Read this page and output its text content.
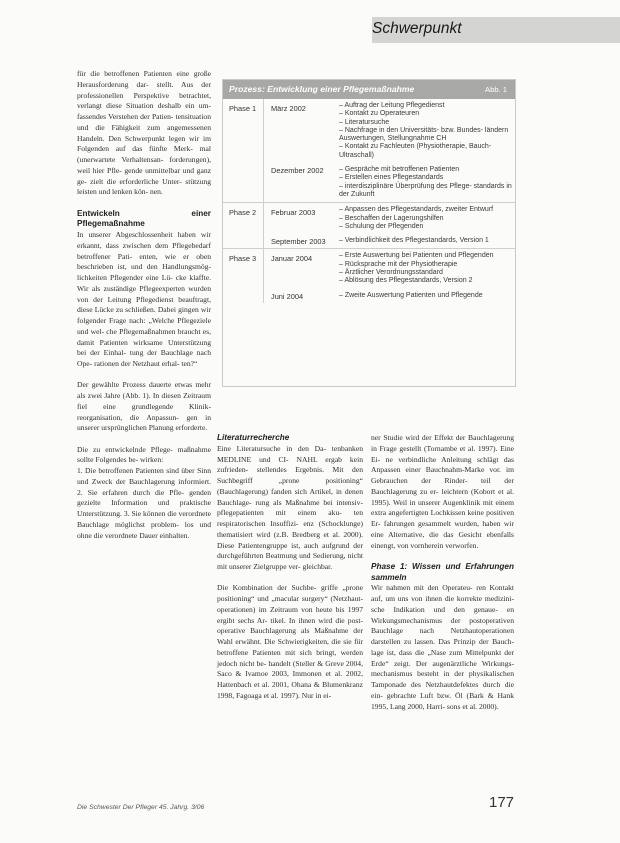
Schwerpunkt

für die betroffenen Patienten eine große Herausforderung dar- stellt. Aus der professionellen Perspektive betrachtet, verlangt diese Situation deshalb ein um- fassendes Verstehen der Patien- tensituation und die Fähigkeit zum angemessenen Handeln. Den Schwerpunkt legen wir im Folgenden auf das fünfte Merk- mal (unerwartete Verhaltensan- forderungen), weil hier Pfle- gende unmittelbar und ganz ge- zielt die erforderliche Unter- stützung leisten und lenken kön- nen.

Entwickeln einer Pflegemaßnahme

In unserer Abgeschlossenheit haben wir erkannt, dass zwischen dem Pflegebedarf betroffener Pati- enten, wie er oben beschrieben ist, und den Handlungsmög- lichkeiten Pflegender eine Lü- cke klaffte. Wir als zuständige Pflegeexperten wurden von der Leitung Pflegedienst beauftragt, diese Lücke zu schließen. Dabei gingen wir folgender Frage nach: „Welche Pflegeziele und wel- che Pflegemaßnahmen braucht es, damit Patienten wirksame Unterstützung bei der Einhal- tung der Bauchlage nach Ope- rationen der Netzhaut erhal- ten?“

Der gewählte Prozess dauerte etwas mehr als zwei Jahre (Abb. 1). In diesen Zeitraum fiel eine grundlegende Klinik- reorganisation, die Anpassun- gen in unserer ursprünglichen Planung erforderte.

Die zu entwickelnde Pflege- maßnahme sollte Folgendes be- wirken:

1. Die betroffenen Patienten sind über Sinn und Zweck der Bauchlagerung informiert. 2. Sie erfahren durch die Pfle- genden gezielte Information und praktische Unterstützung. 3. Sie können die verordnete Bauchlage möglichst problem- los und ohne die verordnete Dauer einhalten.

Prozess: Entwicklung einer Pflegemaßnahme	Abb. 1
Phase 1 März 2002	– Auftrag der Leitung Pflegedienst
– Kontakt zu Operateuren
– Literatursuche
– Nachfrage in den Universitäts- bzw. Bundes- ländern Auswertungen, Stellungnahme CH
– Kontakt zu Fachleuten (Physiotherapie, Bauch- Ultraschall)
Dezember 2002 – Gespräche mit betroffenen Patienten
– Erstellen eines Pflegestandards
– interdisziplinäre Überprüfung des Pflege- standards in der Zukunft
Phase 2 Februar 2003	– Anpassen des Pflegestandards, zweiter Entwurf
– Beschaffen der Lagerungshilfen
– Schulung der Pflegenden
September 2003 – Verbindlichkeit des Pflegestandards, Version 1
Phase 3 Januar 2004	– Erste Auswertung bei Patienten und Pflegenden
– Rücksprache mit der Physiotherapie
– Ärztlicher Verordnungsstandard
– Ablösung des Pflegestandards, Version 2
Juni 2004	– Zweite Auswertung Patienten und Pflegende
Literaturrecherche

Eine Literatursuche in den Da- tenbanken MEDLINE und CI- NAHL ergab kein zufrieden- stellendes Ergebnis. Mit den Suchbegriff „prone positioning“ (Bauchlagerung) fanden sich Artikel, in denen Bauchlage- rung als Maßnahme bei intensiv- pflegepatienten mit einem aku- ten respiratorischen Insuffizi- enz (Schocklunge) thematisiert wird (z.B. Bredberg et al. 2000). Diese Patientengruppe ist, auch aufgrund der durchgeführten Beatmung und Sedierung, nicht mit unserer Zielgruppe ver- gleichbar.

Die Kombination der Suchbe- griffe „prone positioning“ und „macular surgery“ (Netzhaut- operationen) im Zeitraum von heute bis 1997 ergibt sechs Ar- tikel. In ihnen wird die post- operative Bauchlagerung als Maßnahme der Wahl erwähnt. Die Schwierigkeiten, die sie für betroffene Patienten mit sich bringt, werden jedoch nicht be- handelt (Steller & Greve 2004, Saco & Ivamoe 2003, Immonen et al. 2002, Hattenbach et al. 2001, Ohana & Blumenkranz 1998, Fagoaga et al. 1997). Nur in ei-

ner Studie wird der Effekt der Bauchlagerung in Frage gestellt (Tornambe et al. 1997). Eine Ei- ne verbindliche Anleitung schlägt das Anpassen einer Bauchnahm-Marke vor. im Gebrauchen der Rinder- teil der Bauchlagerung zu er- leichtern (Kobort et al. 1995). Weil in unserer Augenklinik mit einem extra angefertigten Lochkissen keine positiven Er- fahrungen gesammelt wurden, haben wir eine Alternative, die das Gesicht ebenfalls einengt, von vornherein verworfen.

Phase 1: Wissen und Erfahrungen sammeln

Wir nahmen mit den Operateu- ren Kontakt auf, um uns von ihnen die korrekte medizini- sche Indikation und den genaue- en Wirkungsmechanismus der postoperativen Bauchlage nach Netzhautoperationen darstellen zu lassen. Das Prinzip der Bauch- lage ist, dass die „Nase zum Mittelpunkt der Erde“ zeigt. Der augenärztliche Wirkungs- mechanismus besteht in der physikalischen Tamponade des Netzhautdefektes durch die ein- gebrachte Luft bzw. Öl (Bark & Hank 1995, Lang 2000, Harri- sons et al. 2000).

Die Schwester Der Pfleger 45. Jahrg. 3/06	177
